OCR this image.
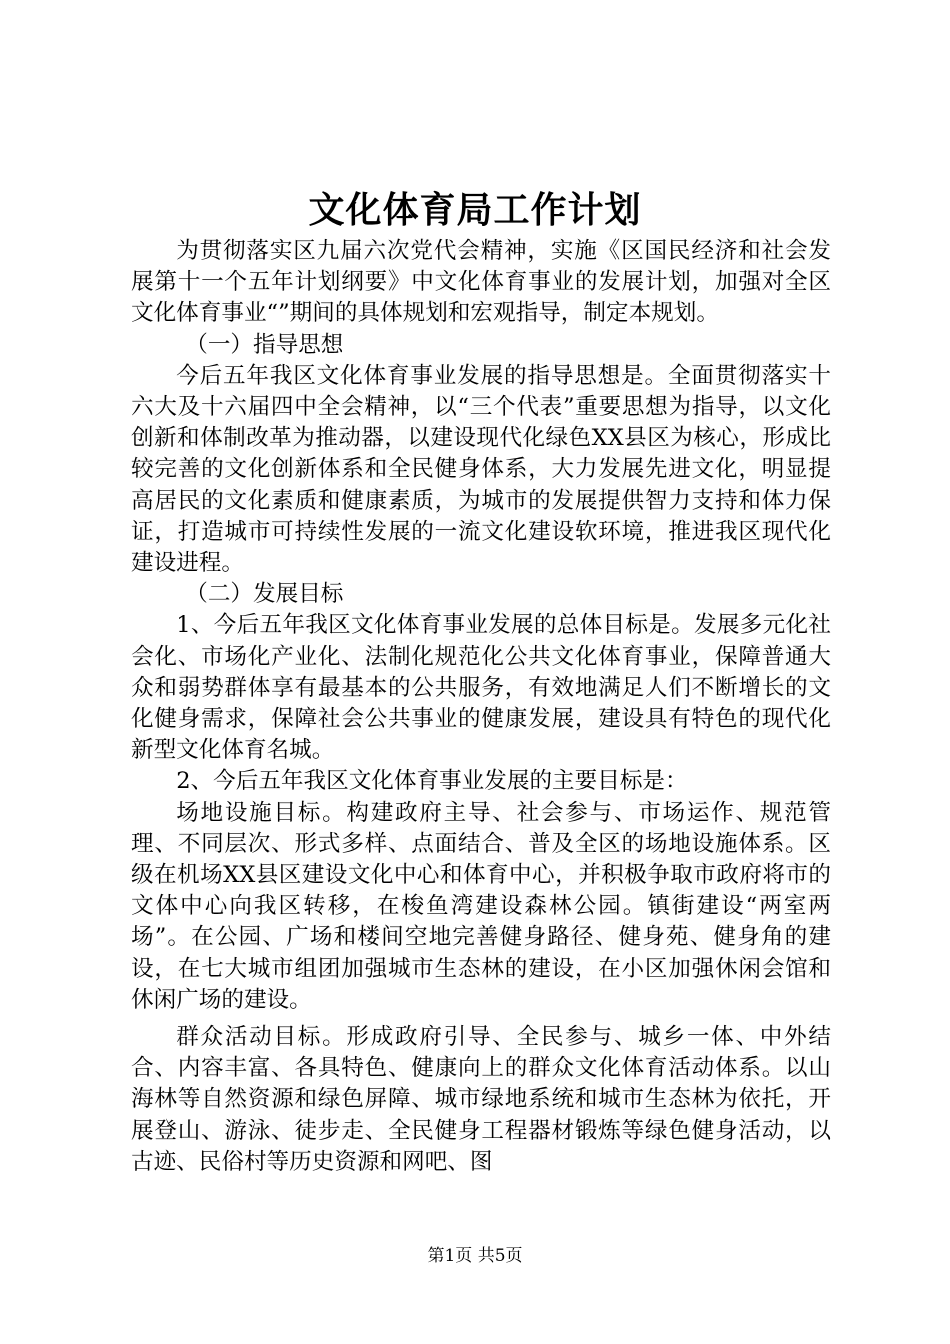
文化体育局工作计划

为贯彻落实区九届六次党代会精神，实施《区国民经济和社会发展第十一个五年计划纲要》中文化体育事业的发展计划，加强对全区文化体育事业“”期间的具体规划和宏观指导，制定本规划。

（一）指导思想

今后五年我区文化体育事业发展的指导思想是。全面贯彻落实十六大及十六届四中全会精神，以“三个代表”重要思想为指导，以文化创新和体制改革为推动器，以建设现代化绿色XX县区为核心，形成比较完善的文化创新体系和全民健身体系，大力发展先进文化，明显提高居民的文化素质和健康素质，为城市的发展提供智力支持和体力保证，打造城市可持续性发展的一流文化建设软环境，推进我区现代化建设进程。

（二）发展目标

1、今后五年我区文化体育事业发展的总体目标是。发展多元化社会化、市场化产业化、法制化规范化公共文化体育事业，保障普通大众和弱势群体享有最基本的公共服务，有效地满足人们不断增长的文化健身需求，保障社会公共事业的健康发展，建设具有特色的现代化新型文化体育名城。

2、今后五年我区文化体育事业发展的主要目标是：

场地设施目标。构建政府主导、社会参与、市场运作、规范管理、不同层次、形式多样、点面结合、普及全区的场地设施体系。区级在机场XX县区建设文化中心和体育中心，并积极争取市政府将市的文体中心向我区转移，在梭鱼湾建设森林公园。镇街建设“两室两场”。在公园、广场和楼间空地完善健身路径、健身苑、健身角的建设，在七大城市组团加强城市生态林的建设，在小区加强休闲会馆和休闲广场的建设。

群众活动目标。形成政府引导、全民参与、城乡一体、中外结合、内容丰富、各具特色、健康向上的群众文化体育活动体系。以山海林等自然资源和绿色屏障、城市绿地系统和城市生态林为依托，开展登山、游泳、徒步走、全民健身工程器材锻炼等绿色健身活动，以古迹、民俗村等历史资源和网吧、图

第1页 共5页
